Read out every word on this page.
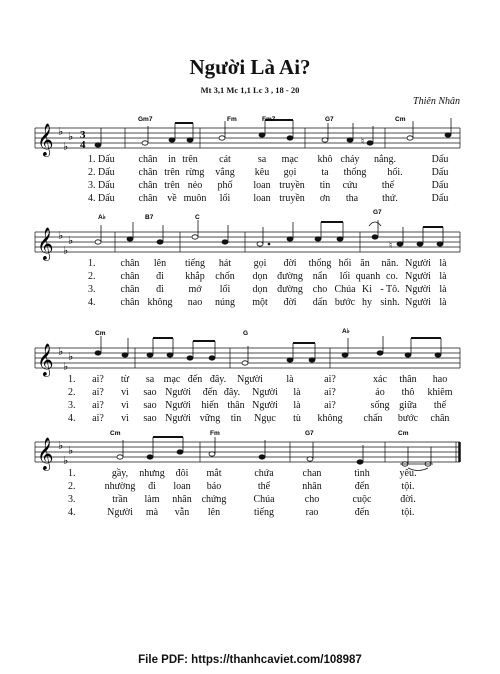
Người Là Ai?
Mt 3,1 Mc 1,1 Lc 3 , 18 - 20
Thiên Nhân
𝄞 ♭
♭
♭ 3
4	♮
Gm7	Fm	Fm7	G7	Cm
1. Dấu chân in trên cát	sa mạc khô cháy nắng.	Dấu
2. Dấu chân trên rừng vắng kêu gọi	ta thống hối.	Dấu
3. Dấu chân trên nẻo phố loan truyền tin cứu thế	Dấu
4. Dấu chân về muôn lối loan truyền ơn tha thứ.	Dấu
𝄞 ♭
♭
♭	♮
A♭	B7	C
G7
1.	chân lên tiếng hát gọi đời thống hối ăn năn. Người là
2.	chân đi khắp chốn dọn đường nẩn lối quanh co. Người là
3.	chân đi mở lối dọn đường cho Chúa Ki - Tô. Người là
4.	chân không nao núng một đời dấn bước hy sinh. Người là
𝄞 ♭
♭
♭
Cm	G	A♭
1. ai? từ sa mạc đến đây. Người là	ai?	xác thân hao
2. ai? vì sao Người đến đây. Người là ai?	áo thô khiêm
3. ai? vì sao Người hiến thân Người là ai?	sống giữa thế
4. ai? vì sao Người vững tin Ngục tù không chấn bước chân
𝄞 ♭
♭
♭
Cm	Fm	G7	Cm
1.	gầy, nhưng đôi mắt	chứa	chan	tình	yêu.
2.	nhường đi loan báo	thế	nhân	đến	tội.
3.	trần làm nhân chứng	Chúa	cho	cuộc	đời.
4.	Người mà vẫn lên	tiếng	rao	đến	tội.
File PDF: https://thanhcaviet.com/108987
